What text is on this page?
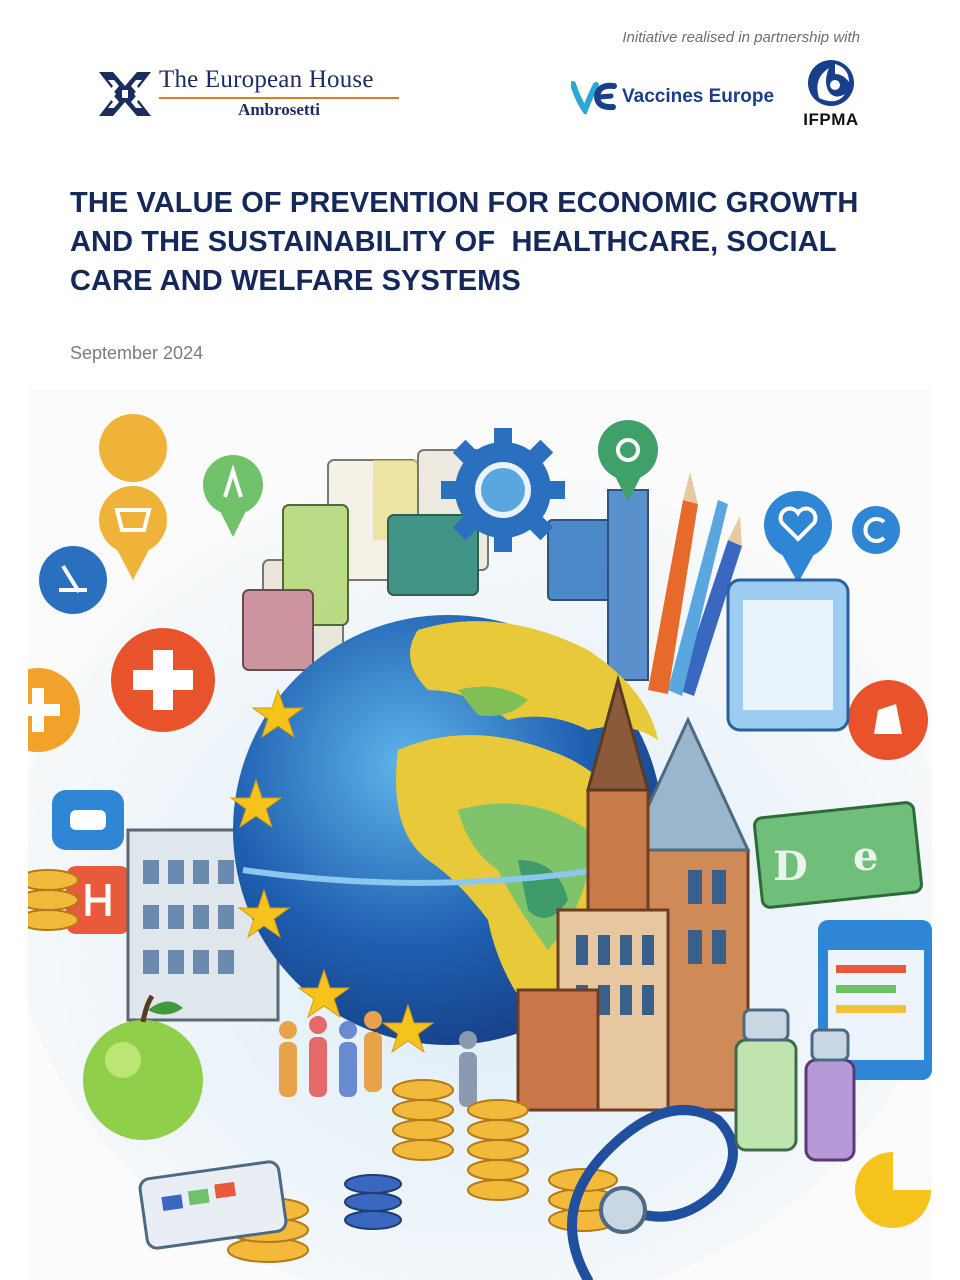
Initiative realised in partnership with
The European House
Ambrosetti
Vaccines Europe
IFPMA
THE VALUE OF PREVENTION FOR ECONOMIC GROWTH
AND THE SUSTAINABILITY OF  HEALTHCARE, SOCIAL
CARE AND WELFARE SYSTEMS
September 2024
D e
